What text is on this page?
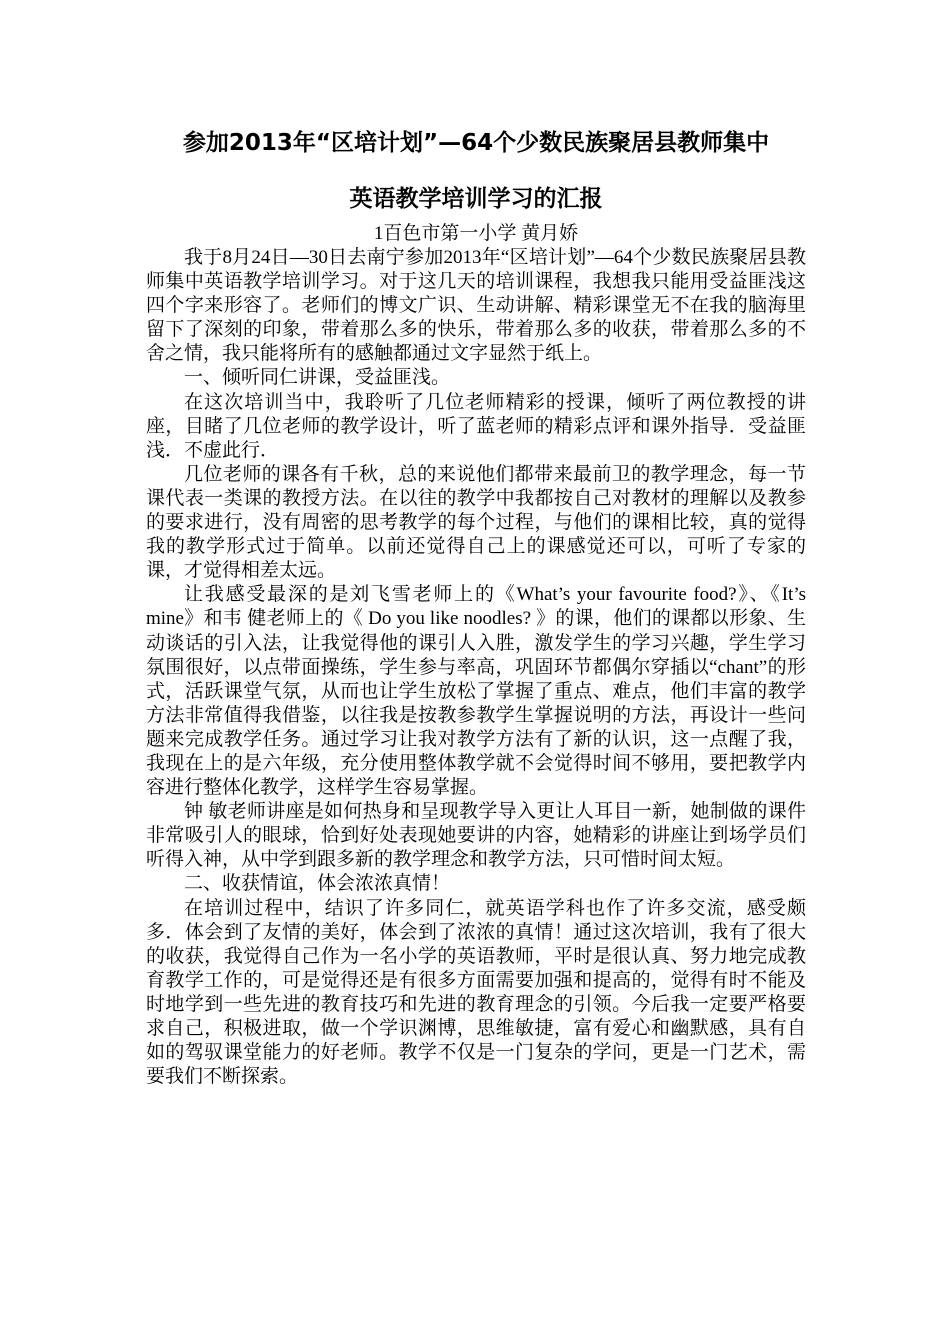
参加2013年“区培计划”—64个少数民族聚居县教师集中
英语教学培训学习的汇报
1百色市第一小学 黄月娇

我于8月24日—30日去南宁参加2013年“区培计划”—64个少数民族聚居县教师集中英语教学培训学习。对于这几天的培训课程，我想我只能用受益匪浅这四个字来形容了。老师们的博文广识、生动讲解、精彩课堂无不在我的脑海里留下了深刻的印象，带着那么多的快乐，带着那么多的收获，带着那么多的不舍之情，我只能将所有的感触都通过文字显然于纸上。

一、倾听同仁讲课，受益匪浅。

在这次培训当中，我聆听了几位老师精彩的授课，倾听了两位教授的讲座，目睹了几位老师的教学设计，听了蓝老师的精彩点评和课外指导．受益匪浅．不虚此行．

几位老师的课各有千秋，总的来说他们都带来最前卫的教学理念，每一节课代表一类课的教授方法。在以往的教学中我都按自己对教材的理解以及教参的要求进行，没有周密的思考教学的每个过程，与他们的课相比较，真的觉得我的教学形式过于简单。以前还觉得自己上的课感觉还可以，可听了专家的课，才觉得相差太远。

让我感受最深的是刘飞雪老师上的《What’s your favourite food?》、《It’s mine》和韦 健老师上的《 Do you like noodles? 》的课，他们的课都以形象、生动谈话的引入法，让我觉得他的课引人入胜，激发学生的学习兴趣，学生学习氛围很好，以点带面操练，学生参与率高，巩固环节都偶尔穿插以“chant”的形式，活跃课堂气氛，从而也让学生放松了掌握了重点、难点，他们丰富的教学方法非常值得我借鉴，以往我是按教参教学生掌握说明的方法，再设计一些问题来完成教学任务。通过学习让我对教学方法有了新的认识，这一点醒了我，我现在上的是六年级，充分使用整体教学就不会觉得时间不够用，要把教学内容进行整体化教学，这样学生容易掌握。

钟 敏老师讲座是如何热身和呈现教学导入更让人耳目一新，她制做的课件非常吸引人的眼球，恰到好处表现她要讲的内容，她精彩的讲座让到场学员们听得入神，从中学到跟多新的教学理念和教学方法，只可惜时间太短。

二、收获情谊，体会浓浓真情！

在培训过程中，结识了许多同仁，就英语学科也作了许多交流，感受颇多．体会到了友情的美好，体会到了浓浓的真情！通过这次培训，我有了很大的收获，我觉得自己作为一名小学的英语教师，平时是很认真、努力地完成教育教学工作的，可是觉得还是有很多方面需要加强和提高的，觉得有时不能及时地学到一些先进的教育技巧和先进的教育理念的引领。今后我一定要严格要求自己，积极进取，做一个学识渊博，思维敏捷，富有爱心和幽默感，具有自如的驾驭课堂能力的好老师。教学不仅是一门复杂的学问，更是一门艺术，需要我们不断探索。
